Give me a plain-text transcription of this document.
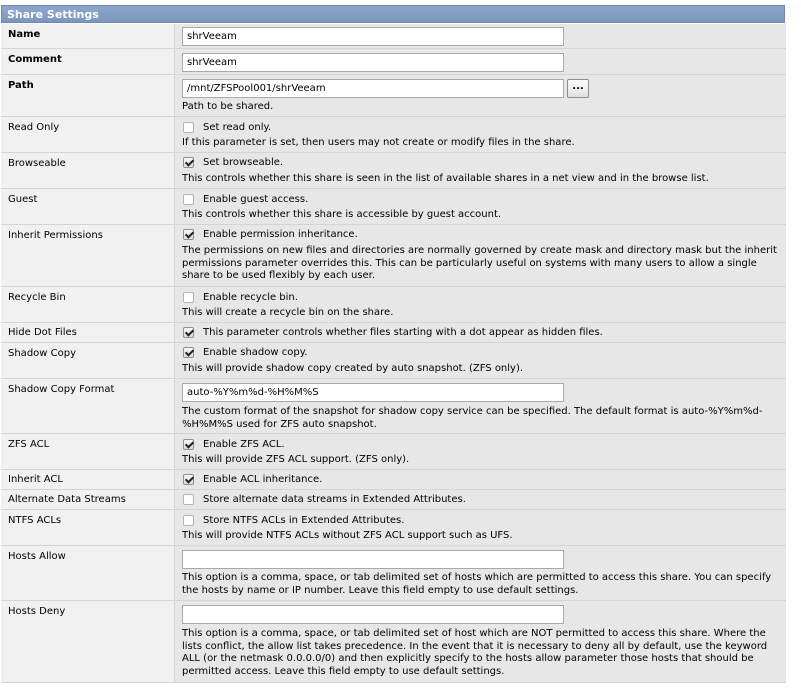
Share Settings
Name	shrVeeam
Comment	shrVeeam
Path	/mnt/ZFSPool001/shrVeeam	...
Path to be shared.
Read Only	Set read only.
If this parameter is set, then users may not create or modify files in the share.
Browseable	Set browseable.
This controls whether this share is seen in the list of available shares in a net view and in the browse list.
Guest	Enable guest access.
This controls whether this share is accessible by guest account.
Inherit Permissions	Enable permission inheritance.
The permissions on new files and directories are normally governed by create mask and directory mask but the inherit permissions parameter overrides this. This can be particularly useful on systems with many users to allow a single share to be used flexibly by each user.
Recycle Bin	Enable recycle bin.
This will create a recycle bin on the share.
Hide Dot Files	This parameter controls whether files starting with a dot appear as hidden files.
Shadow Copy	Enable shadow copy.
This will provide shadow copy created by auto snapshot. (ZFS only).
Shadow Copy Format	auto-%Y%m%d-%H%M%S
The custom format of the snapshot for shadow copy service can be specified. The default format is auto-%Y%m%d-%H%M%S used for ZFS auto snapshot.
ZFS ACL	Enable ZFS ACL.
This will provide ZFS ACL support. (ZFS only).
Inherit ACL	Enable ACL inheritance.
Alternate Data Streams	Store alternate data streams in Extended Attributes.
NTFS ACLs	Store NTFS ACLs in Extended Attributes.
This will provide NTFS ACLs without ZFS ACL support such as UFS.
Hosts Allow
This option is a comma, space, or tab delimited set of hosts which are permitted to access this share. You can specify the hosts by name or IP number. Leave this field empty to use default settings.
Hosts Deny
This option is a comma, space, or tab delimited set of host which are NOT permitted to access this share. Where the lists conflict, the allow list takes precedence. In the event that it is necessary to deny all by default, use the keyword ALL (or the netmask 0.0.0.0/0) and then explicitly specify to the hosts allow parameter those hosts that should be permitted access. Leave this field empty to use default settings.
